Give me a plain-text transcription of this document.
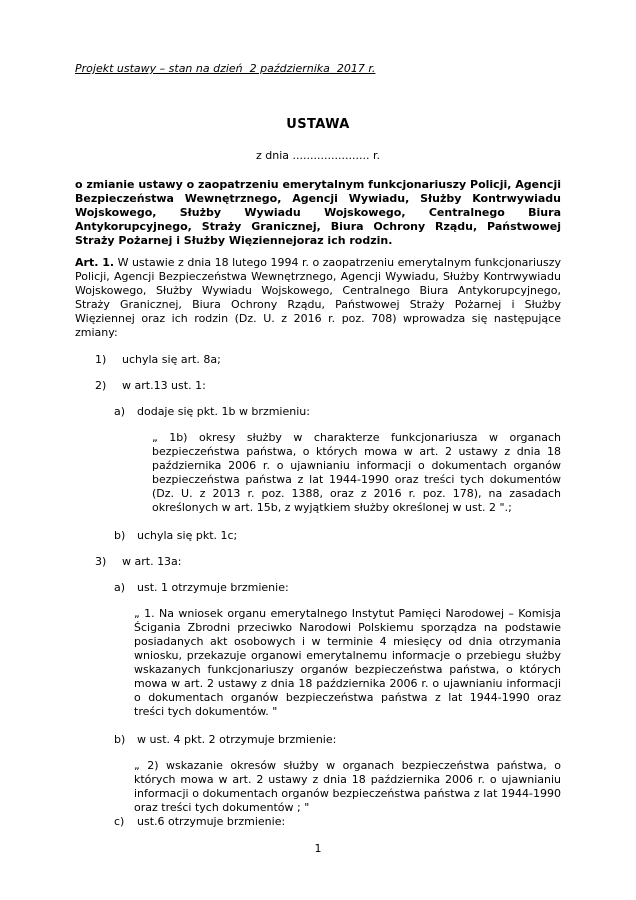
Projekt ustawy – stan na dzień  2 października  2017 r.

USTAWA

z dnia ...................... r.

o zmianie ustawy o zaopatrzeniu emerytalnym funkcjonariuszy Policji, Agencji Bezpieczeństwa Wewnętrznego, Agencji Wywiadu, Służby Kontrwywiadu Wojskowego, Służby Wywiadu Wojskowego, Centralnego Biura Antykorupcyjnego, Straży Granicznej, Biura Ochrony Rządu, Państwowej Straży Pożarnej i Służby Więziennejoraz ich rodzin.

Art. 1. W ustawie z dnia 18 lutego 1994 r. o zaopatrzeniu emerytalnym funkcjonariuszy Policji, Agencji Bezpieczeństwa Wewnętrznego, Agencji Wywiadu, Służby Kontrwywiadu Wojskowego, Służby Wywiadu Wojskowego, Centralnego Biura Antykorupcyjnego, Straży Granicznej, Biura Ochrony Rządu, Państwowej Straży Pożarnej i Służby Więziennej oraz ich rodzin (Dz. U. z 2016 r. poz. 708) wprowadza się następujące zmiany:

1)	uchyla się art. 8a;
2)	w art.13 ust. 1:
a)	dodaje się pkt. 1b w brzmieniu:

„ 1b) okresy służby w charakterze funkcjonariusza w organach bezpieczeństwa państwa, o których mowa w art. 2 ustawy z dnia 18 października 2006 r. o ujawnianiu informacji o dokumentach organów bezpieczeństwa państwa z lat 1944-1990 oraz treści tych dokumentów (Dz. U. z 2013 r. poz. 1388, oraz z 2016 r. poz. 178), na zasadach określonych w art. 15b, z wyjątkiem służby określonej w ust. 2 ".;

b)	uchyla się pkt. 1c;
3)	w art. 13a:
a)	ust. 1 otrzymuje brzmienie:

„ 1. Na wniosek organu emerytalnego Instytut Pamięci Narodowej – Komisja Ścigania Zbrodni przeciwko Narodowi Polskiemu sporządza na podstawie posiadanych akt osobowych i w terminie 4 miesięcy od dnia otrzymania wniosku, przekazuje organowi emerytalnemu informacje o przebiegu służby wskazanych funkcjonariuszy organów bezpieczeństwa państwa, o których mowa w art. 2 ustawy z dnia 18 października 2006 r. o ujawnianiu informacji o dokumentach organów bezpieczeństwa państwa z lat 1944-1990 oraz treści tych dokumentów. "

b)	w ust. 4 pkt. 2 otrzymuje brzmienie:

„ 2) wskazanie okresów służby w organach bezpieczeństwa państwa, o których mowa w art. 2 ustawy z dnia 18 października 2006 r. o ujawnianiu informacji o dokumentach organów bezpieczeństwa państwa z lat 1944-1990 oraz treści tych dokumentów ; "

c)	ust.6 otrzymuje brzmienie:

1
